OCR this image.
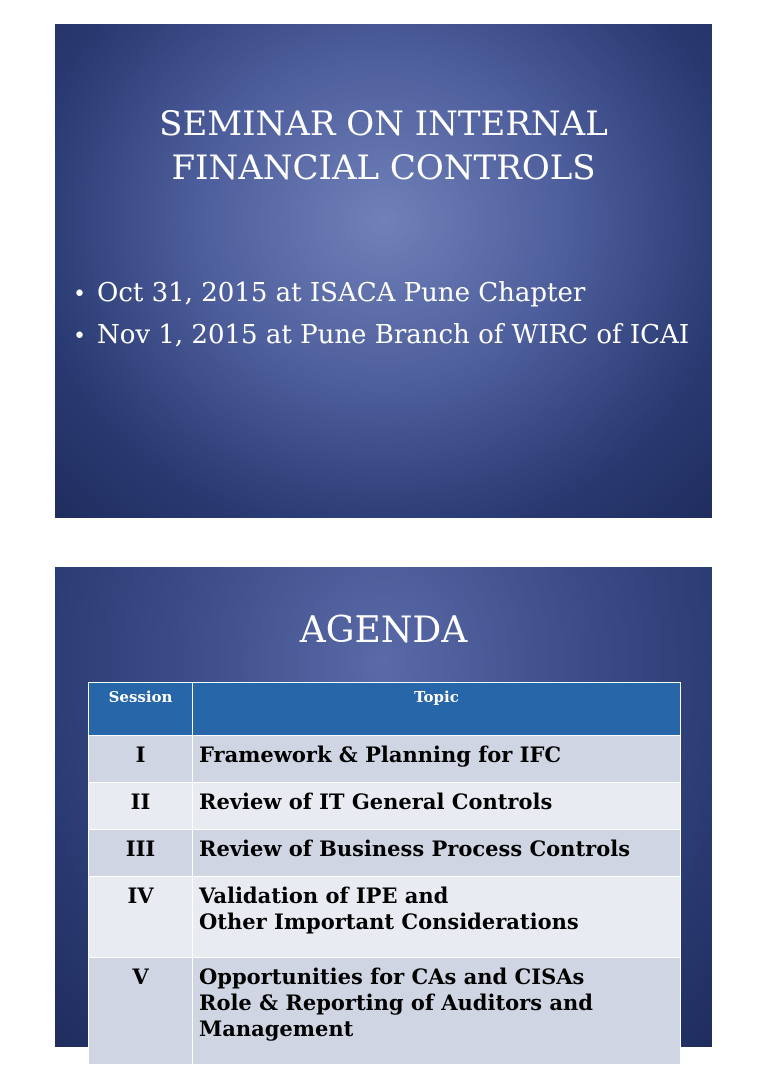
SEMINAR ON INTERNAL
FINANCIAL CONTROLS
• Oct 31, 2015 at ISACA Pune Chapter
• Nov 1, 2015 at Pune Branch of WIRC of ICAI
AGENDA
Session	Topic
I	Framework & Planning for IFC

II	Review of IT General Controls

III	Review of Business Process Controls

IV	Validation of IPE and
Other Important Considerations

V	Opportunities for CAs and CISAs
Role & Reporting of Auditors and
Management
